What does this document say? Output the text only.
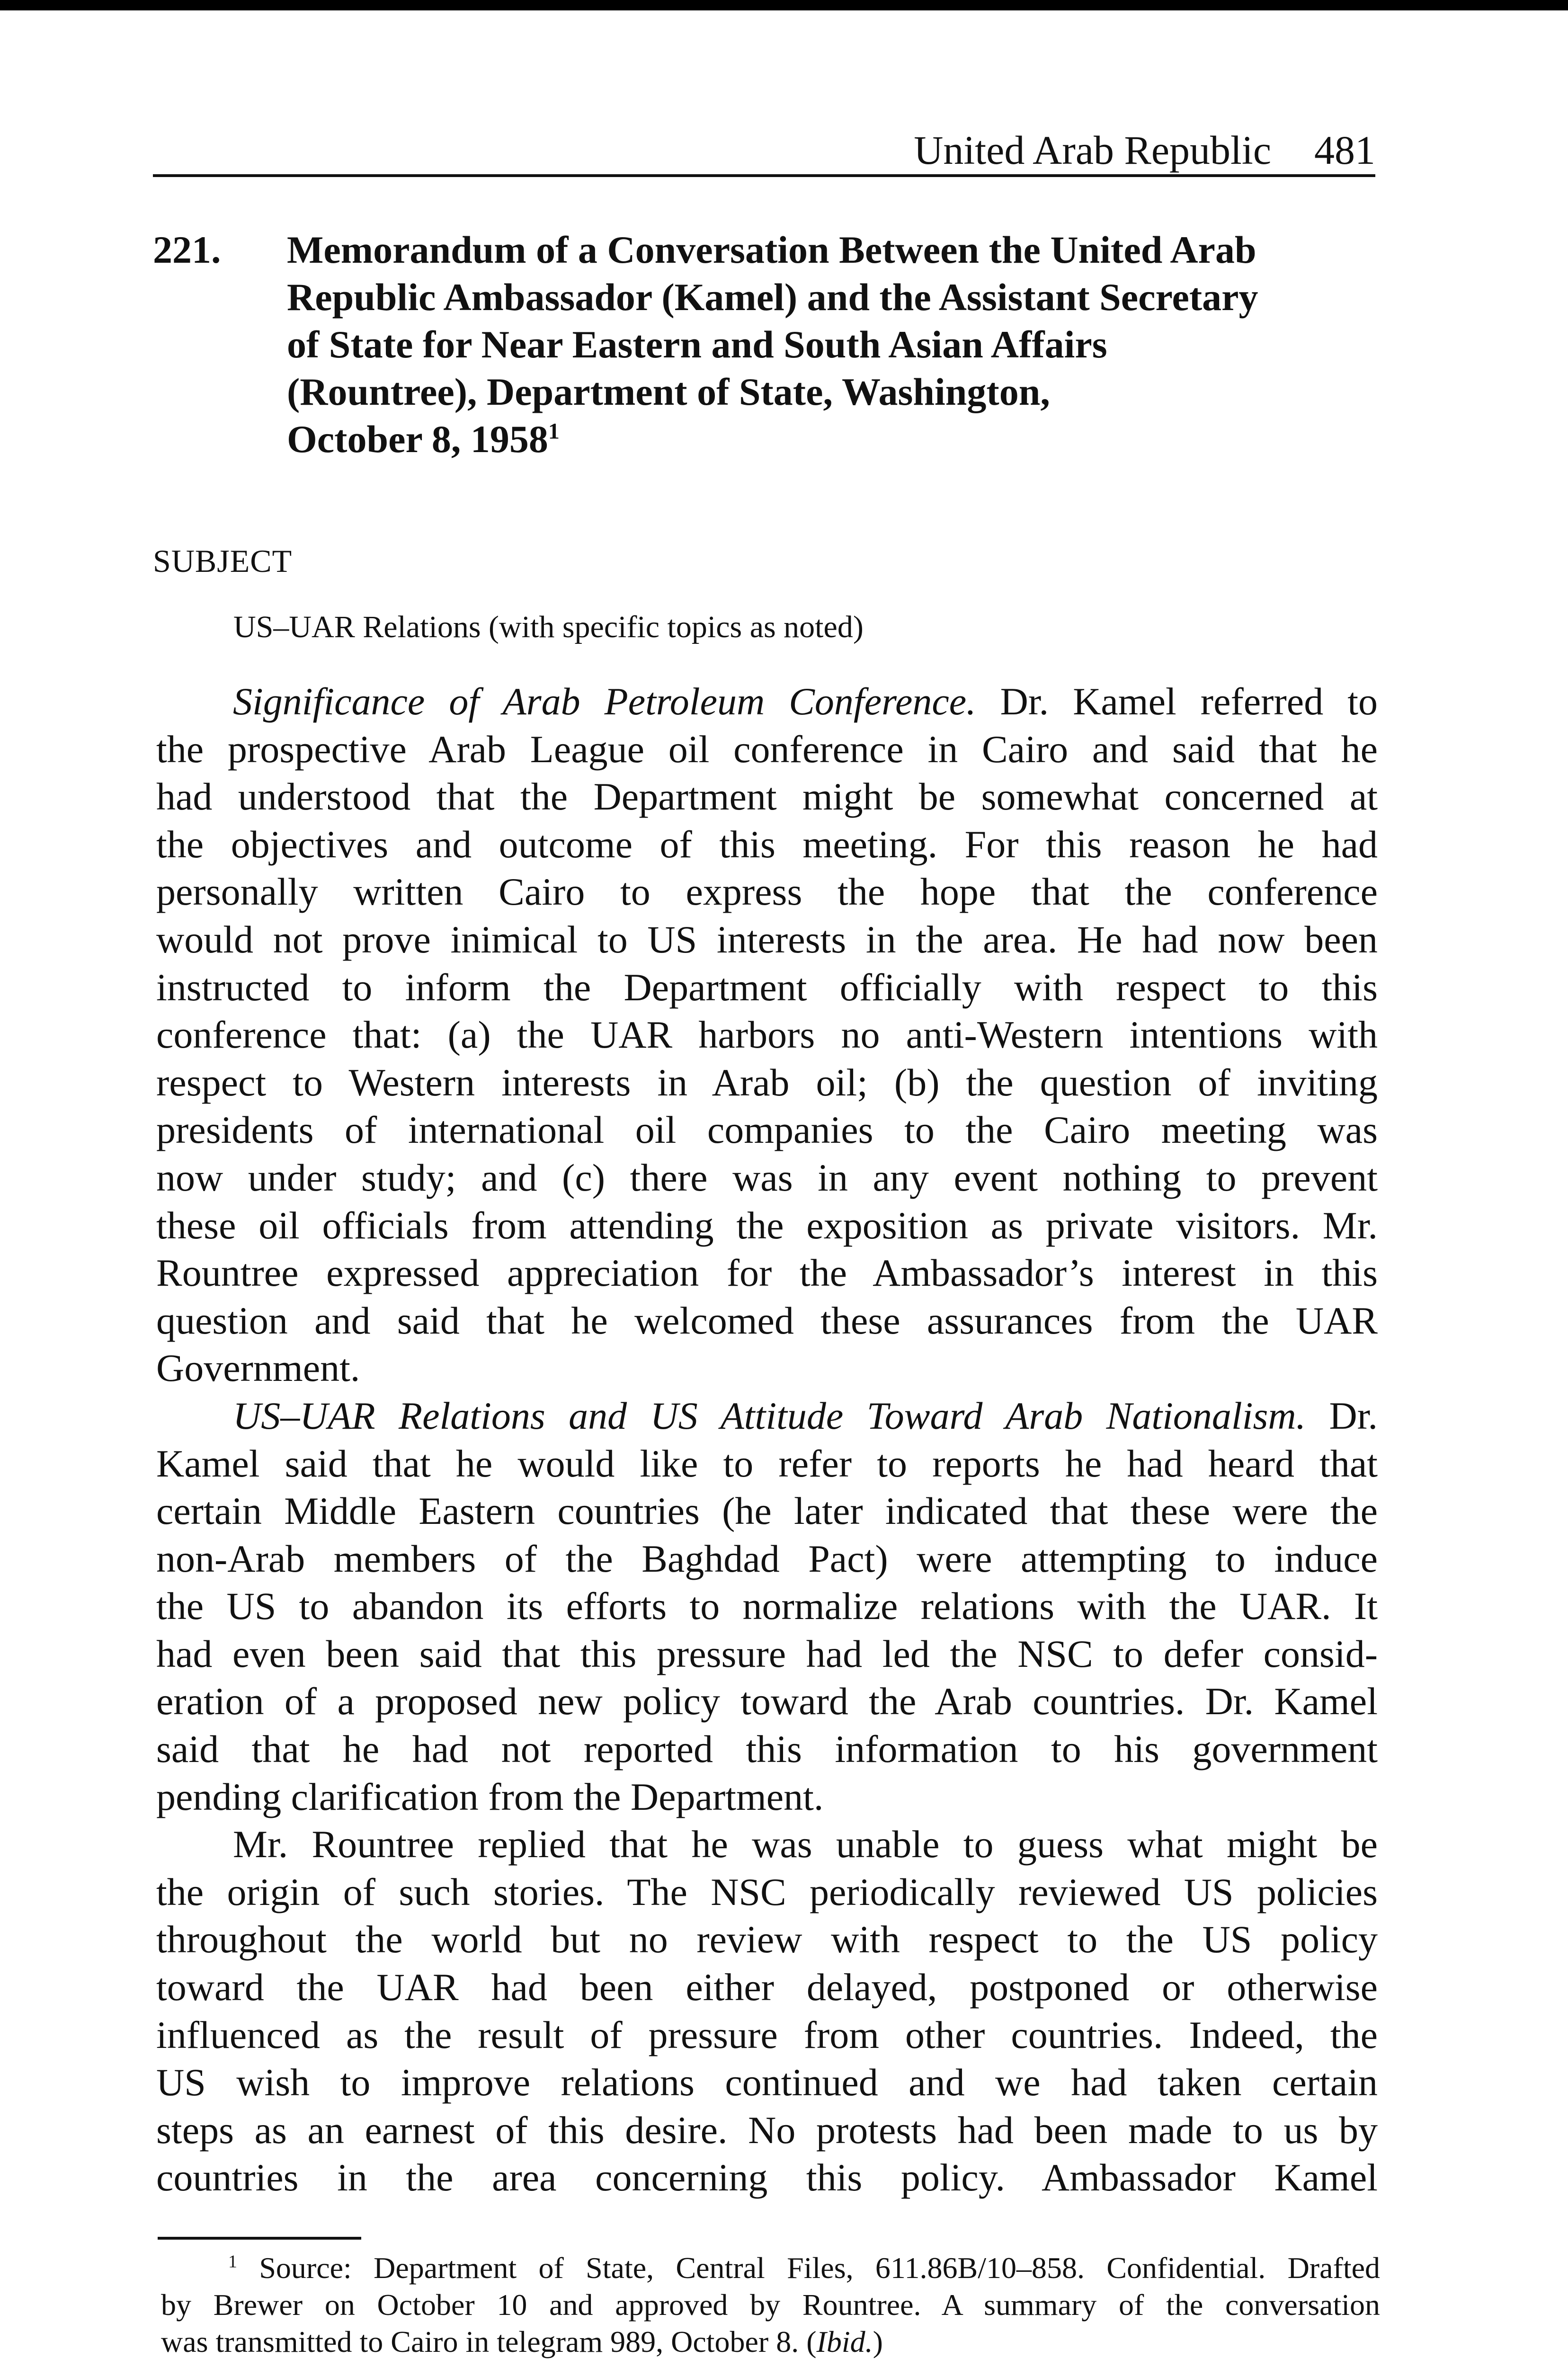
United Arab Republic 481
221. Memorandum of a Conversation Between the United Arab
Republic Ambassador (Kamel) and the Assistant Secretary
of State for Near Eastern and South Asian Affairs
(Rountree), Department of State, Washington,
October 8, 1958$^1$
SUBJECT
US–UAR Relations (with specific topics as noted)
Significance of Arab Petroleum Conference. Dr. Kamel referred to
the prospective Arab League oil conference in Cairo and said that he
had understood that the Department might be somewhat concerned at
the objectives and outcome of this meeting. For this reason he had
personally written Cairo to express the hope that the conference
would not prove inimical to US interests in the area. He had now been
instructed to inform the Department officially with respect to this
conference that: (a) the UAR harbors no anti-Western intentions with
respect to Western interests in Arab oil; (b) the question of inviting
presidents of international oil companies to the Cairo meeting was
now under study; and (c) there was in any event nothing to prevent
these oil officials from attending the exposition as private visitors. Mr.
Rountree expressed appreciation for the Ambassador’s interest in this
question and said that he welcomed these assurances from the UAR
Government.
US–UAR Relations and US Attitude Toward Arab Nationalism. Dr.
Kamel said that he would like to refer to reports he had heard that
certain Middle Eastern countries (he later indicated that these were the
non-Arab members of the Baghdad Pact) were attempting to induce
the US to abandon its efforts to normalize relations with the UAR. It
had even been said that this pressure had led the NSC to defer consid-
eration of a proposed new policy toward the Arab countries. Dr. Kamel
said that he had not reported this information to his government
pending clarification from the Department.
Mr. Rountree replied that he was unable to guess what might be
the origin of such stories. The NSC periodically reviewed US policies
throughout the world but no review with respect to the US policy
toward the UAR had been either delayed, postponed or otherwise
influenced as the result of pressure from other countries. Indeed, the
US wish to improve relations continued and we had taken certain
steps as an earnest of this desire. No protests had been made to us by
countries in the area concerning this policy. Ambassador Kamel
$^1$ Source: Department of State, Central Files, 611.86B/10–858. Confidential. Drafted
by Brewer on October 10 and approved by Rountree. A summary of the conversation
was transmitted to Cairo in telegram 989, October 8. (Ibid.)
